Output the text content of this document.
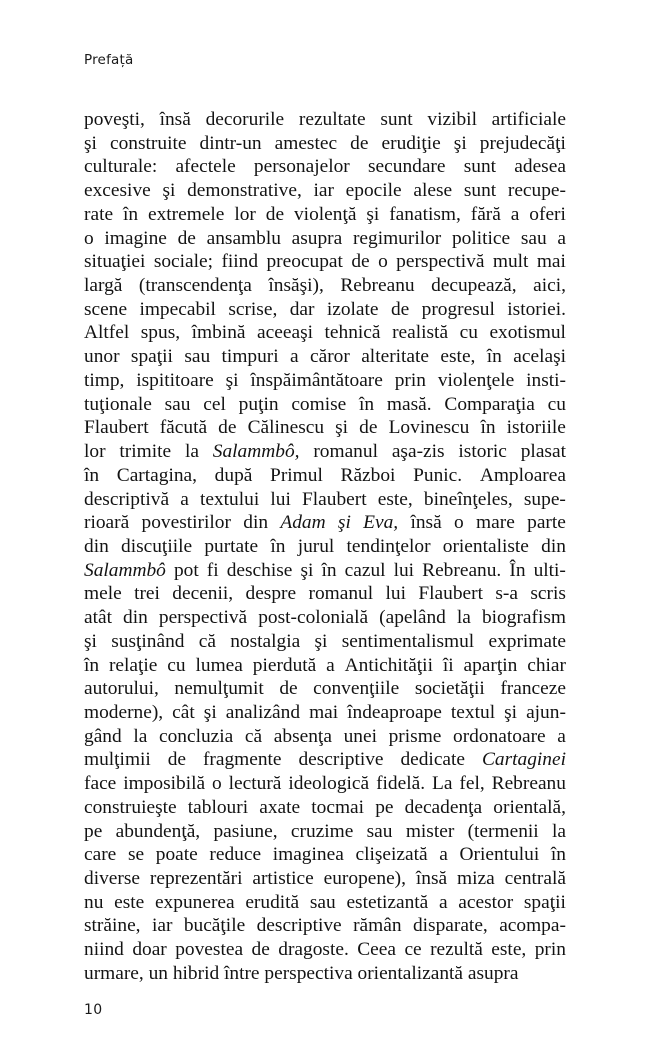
Prefață
poveşti, însă decorurile rezultate sunt vizibil artificiale
şi construite dintr-un amestec de erudiţie şi prejudecăţi
culturale: afectele personajelor secundare sunt adesea
excesive şi demonstrative, iar epocile alese sunt recupe-
rate în extremele lor de violenţă şi fanatism, fără a oferi
o imagine de ansamblu asupra regimurilor politice sau a
situaţiei sociale; fiind preocupat de o perspectivă mult mai
largă (transcendenţa însăşi), Rebreanu decupează, aici,
scene impecabil scrise, dar izolate de progresul istoriei.
Altfel spus, îmbină aceeaşi tehnică realistă cu exotismul
unor spaţii sau timpuri a căror alteritate este, în acelaşi
timp, ispititoare şi înspăimântătoare prin violenţele insti-
tuţionale sau cel puţin comise în masă. Comparaţia cu
Flaubert făcută de Călinescu şi de Lovinescu în istoriile
lor trimite la Salammbô, romanul aşa-zis istoric plasat
în Cartagina, după Primul Război Punic. Amploarea
descriptivă a textului lui Flaubert este, bineînţeles, supe-
rioară povestirilor din Adam şi Eva, însă o mare parte
din discuţiile purtate în jurul tendinţelor orientaliste din
Salammbô pot fi deschise şi în cazul lui Rebreanu. În ulti-
mele trei decenii, despre romanul lui Flaubert s-a scris
atât din perspectivă post-colonială (apelând la biografism
şi susţinând că nostalgia şi sentimentalismul exprimate
în relaţie cu lumea pierdută a Antichităţii îi aparţin chiar
autorului, nemulţumit de convenţiile societăţii franceze
moderne), cât şi analizând mai îndeaproape textul şi ajun-
gând la concluzia că absenţa unei prisme ordonatoare a
mulţimii de fragmente descriptive dedicate Cartaginei
face imposibilă o lectură ideologică fidelă. La fel, Rebreanu
construieşte tablouri axate tocmai pe decadenţa orientală,
pe abundenţă, pasiune, cruzime sau mister (termenii la
care se poate reduce imaginea clişeizată a Orientului în
diverse reprezentări artistice europene), însă miza centrală
nu este expunerea erudită sau estetizantă a acestor spaţii
străine, iar bucăţile descriptive rămân disparate, acompa-
niind doar povestea de dragoste. Ceea ce rezultă este, prin
urmare, un hibrid între perspectiva orientalizantă asupra
10
